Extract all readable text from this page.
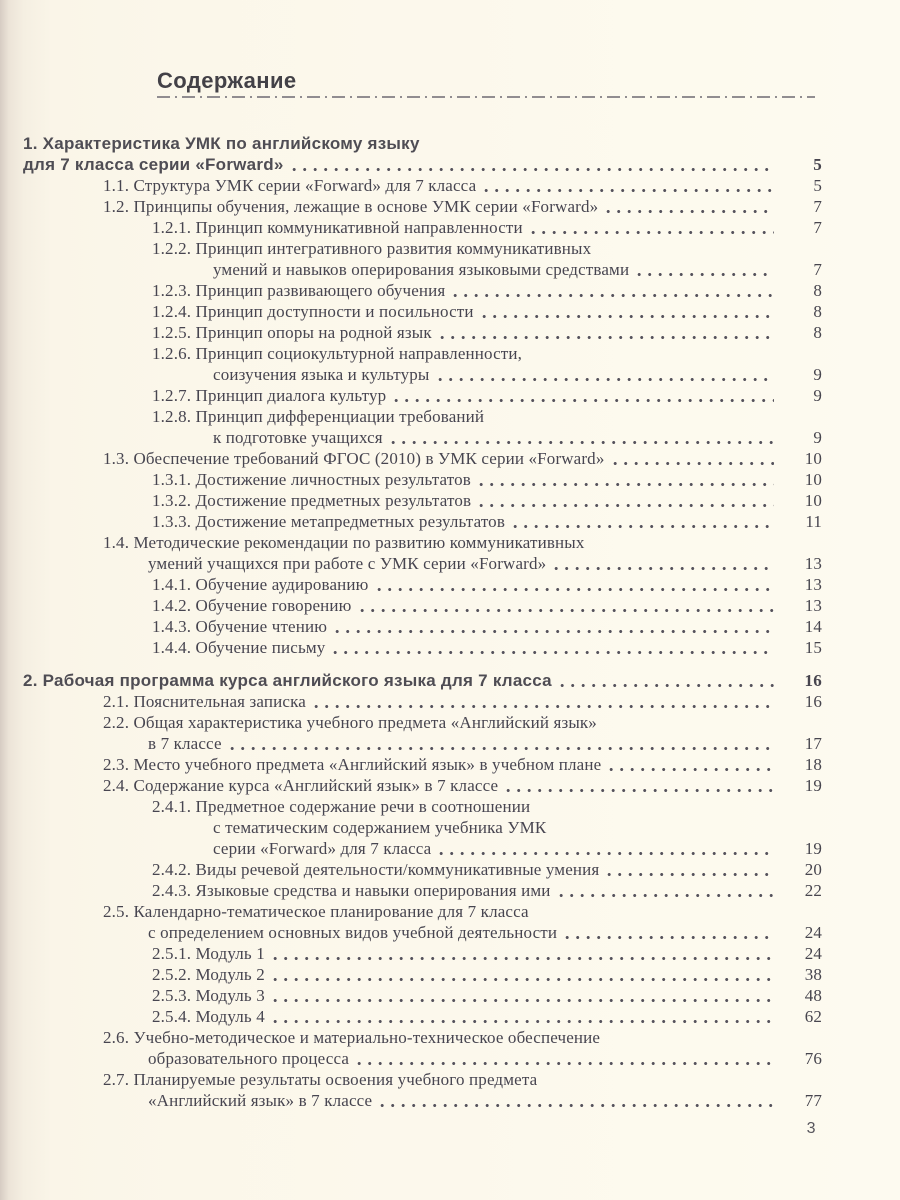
Содержание
1. Характеристика УМК по английскому языку
для 7 класса серии «Forward»	5
1.1. Структура УМК серии «Forward» для 7 класса	5
1.2. Принципы обучения, лежащие в основе УМК серии «Forward»	7
1.2.1. Принцип коммуникативной направленности	7
1.2.2. Принцип интегративного развития коммуникативных
умений и навыков оперирования языковыми средствами	7
1.2.3. Принцип развивающего обучения	8
1.2.4. Принцип доступности и посильности	8
1.2.5. Принцип опоры на родной язык	8
1.2.6. Принцип социокультурной направленности,
соизучения языка и культуры	9
1.2.7. Принцип диалога культур	9
1.2.8. Принцип дифференциации требований
к подготовке учащихся	9
1.3. Обеспечение требований ФГОС (2010) в УМК серии «Forward»	10
1.3.1. Достижение личностных результатов	10
1.3.2. Достижение предметных результатов	10
1.3.3. Достижение метапредметных результатов	11
1.4. Методические рекомендации по развитию коммуникативных
умений учащихся при работе с УМК серии «Forward»	13
1.4.1. Обучение аудированию	13
1.4.2. Обучение говорению	13
1.4.3. Обучение чтению	14
1.4.4. Обучение письму	15
2. Рабочая программа курса английского языка для 7 класса	16
2.1. Пояснительная записка	16
2.2. Общая характеристика учебного предмета «Английский язык»
в 7 классе	17
2.3. Место учебного предмета «Английский язык» в учебном плане	18
2.4. Содержание курса «Английский язык» в 7 классе	19
2.4.1. Предметное содержание речи в соотношении
с тематическим содержанием учебника УМК
серии «Forward» для 7 класса	19
2.4.2. Виды речевой деятельности/коммуникативные умения	20
2.4.3. Языковые средства и навыки оперирования ими	22
2.5. Календарно-тематическое планирование для 7 класса
с определением основных видов учебной деятельности	24
2.5.1. Модуль 1	24
2.5.2. Модуль 2	38
2.5.3. Модуль 3	48
2.5.4. Модуль 4	62
2.6. Учебно-методическое и материально-техническое обеспечение
образовательного процесса	76
2.7. Планируемые результаты освоения учебного предмета
«Английский язык» в 7 классе	77
3
